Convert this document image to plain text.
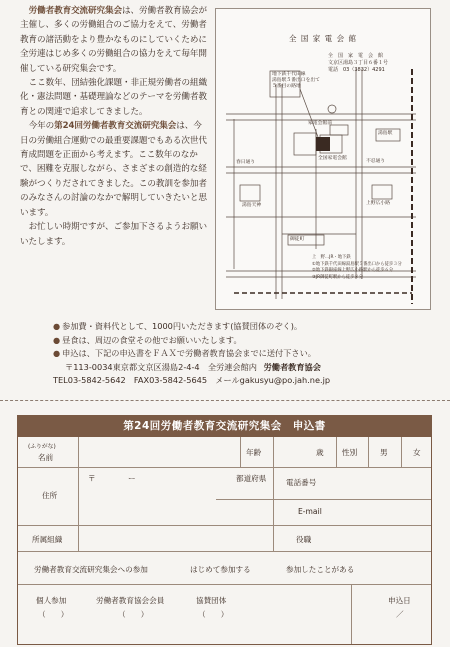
労働者教育交流研究集会は、労働者教育協会が主催し、多くの労働組合のご協力をえて、労働者教育の諸活動をより豊かなものにしていくために全労連はじめ多くの労働組合の協力をえて毎年開催している研究集会です。

ここ数年、団結強化課題・非正規労働者の組織化・憲法問題・基礎理論などのテーマを労働者教育との関連で追求してきました。

今年の第24回労働者教育交流研究集会は、今日の労働組合運動での最重要課題でもある次世代育成問題を正面から考えます。ここ数年のなかで、困難を克服しながら、さまざまの創造的な経験がつくりだされてきました。この教訓を参加者のみなさんの討論のなかで解明していきたいと思います。

お忙しい時期ですが、ご参加下さるようお願いいたします。

全 国 家 電 会 館
全　国　家　電　会　館
文京区湯島３丁目６番１号
電話　03（3832）4291
地下鉄千代田線
湯島駅５番出口を出て
５番目の路地
全国家電会館
家電会館前
不忍通り
春日通り
上野広小路
湯島駅
湯島天神
御徒町
上　野…JR・地下鉄
①地下鉄千代田線湯島駅５番出口から徒歩３分
②地下鉄銀座線上野広小路駅から徒歩６分
③JR御徒町駅から徒歩８分
● 参加費・資料代として、1000円いただきます(協賛団体のぞく)。
● 昼食は、周辺の食堂その他でお願いいたします。
● 申込は、下記の申込書をＦＡＸで労働者教育協会までに送付下さい。
〒113-0034東京都文京区湯島2-4-4　全労連会館内
労働者教育協会
TEL03-5842-5642　FAX03-5842-5645　メールgakusyu@po.jah.ne.jp
第24回労働者教育交流研究集会　申込書
(ふりがな)
名前
年齢	歳 性別	男	女
住所
〒	ー	都道府県	電話番号
E-mail
所属組織	役職
労働者教育交流研究集会への参加	はじめて参加する	参加したことがある
個人参加
（　　）
労働者教育協会会員
（　　）
協賛団体
（　　）
申込日
／
